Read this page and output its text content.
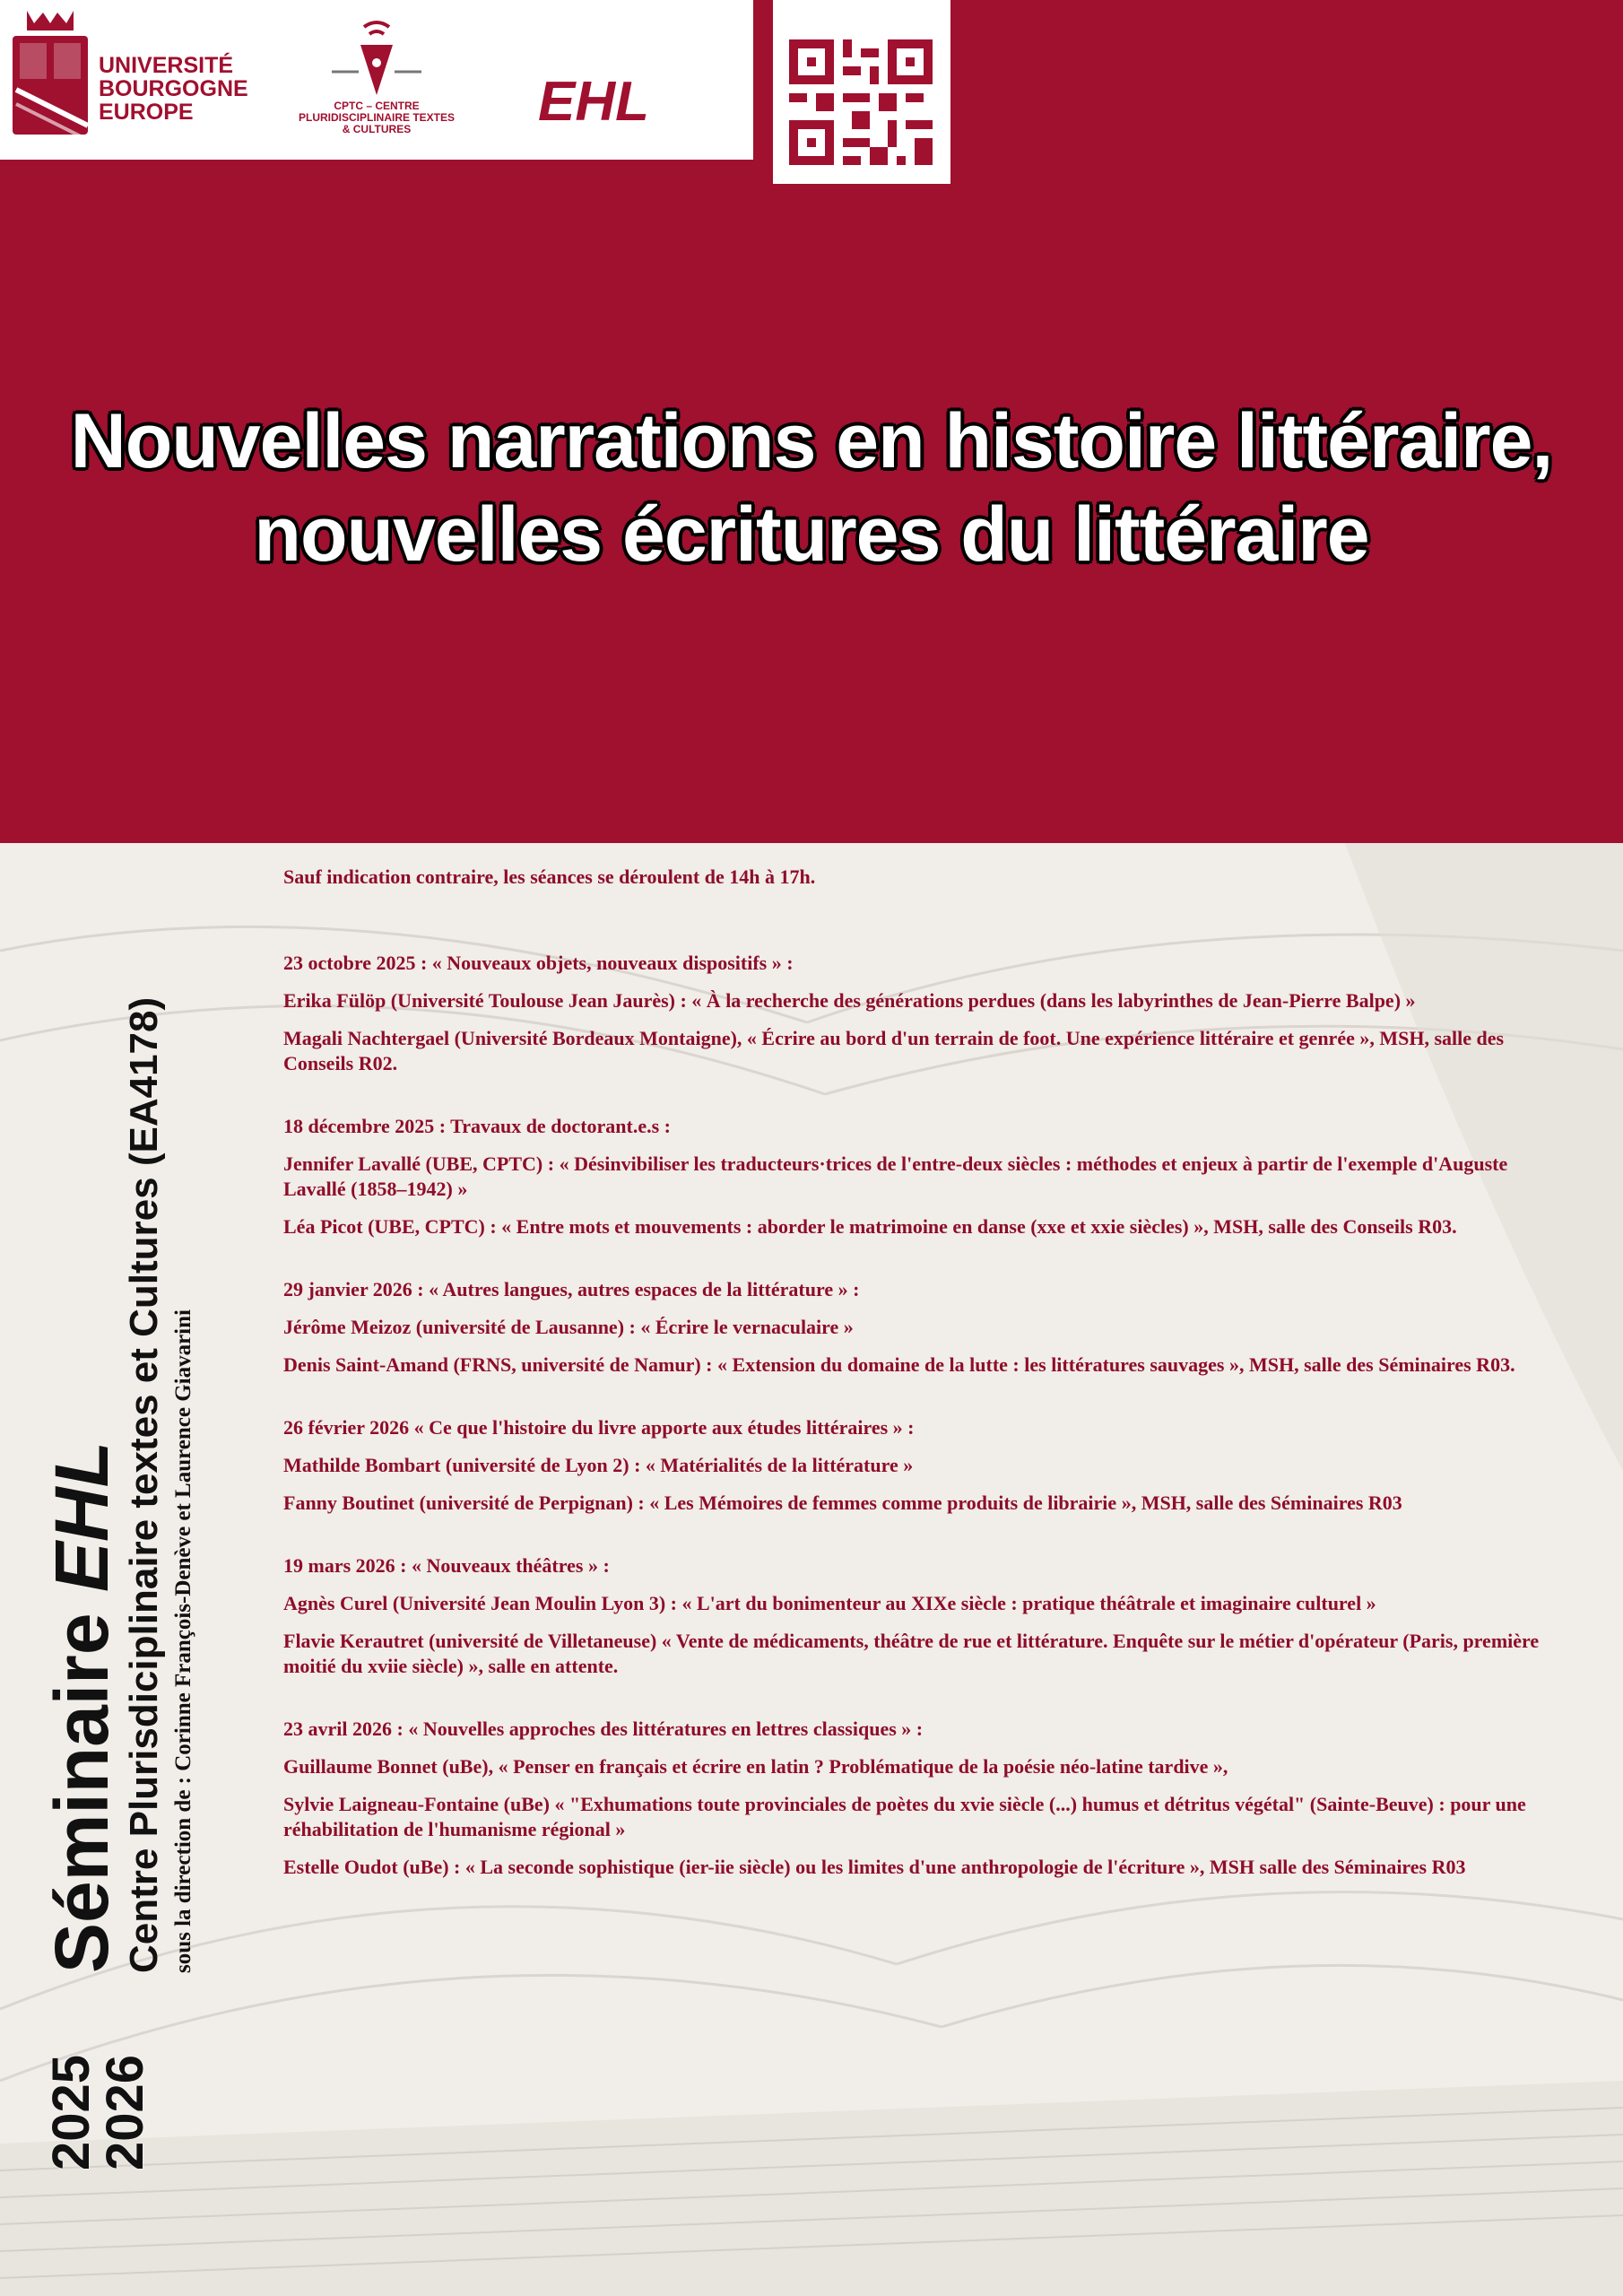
UNIVERSITÉ BOURGOGNE EUROPE	CPTC – CENTRE PLURIDISCIPLINAIRE TEXTES & CULTURES	EHL
Nouvelles narrations en histoire littéraire,
nouvelles écritures du littéraire
2025
2026
Séminaire EHL
Centre Plurisdiciplinaire textes et Cultures (EA4178) sous la direction de : Corinne François-Denève et Laurence Giavarini

Sauf indication contraire, les séances se déroulent de 14h à 17h.

23 octobre 2025 : « Nouveaux objets, nouveaux dispositifs » :

Erika Fülöp (Université Toulouse Jean Jaurès) : « À la recherche des générations perdues (dans les labyrinthes de Jean-Pierre Balpe) »

Magali Nachtergael (Université Bordeaux Montaigne), « Écrire au bord d'un terrain de foot. Une expérience littéraire et genrée », MSH, salle des Conseils R02.

18 décembre 2025 : Travaux de doctorant.e.s :

Jennifer Lavallé (UBE, CPTC) : « Désinvibiliser les traducteurs·trices de l'entre-deux siècles : méthodes et enjeux à partir de l'exemple d'Auguste Lavallé (1858–1942) »

Léa Picot (UBE, CPTC) : « Entre mots et mouvements : aborder le matrimoine en danse (xxe et xxie siècles) », MSH, salle des Conseils R03.

29 janvier 2026 : « Autres langues, autres espaces de la littérature » :

Jérôme Meizoz (université de Lausanne) : « Écrire le vernaculaire »

Denis Saint-Amand (FRNS, université de Namur) : « Extension du domaine de la lutte : les littératures sauvages », MSH, salle des Séminaires R03.

26 février 2026 « Ce que l'histoire du livre apporte aux études littéraires » :

Mathilde Bombart (université de Lyon 2) : « Matérialités de la littérature »

Fanny Boutinet (université de Perpignan) : « Les Mémoires de femmes comme produits de librairie », MSH, salle des Séminaires R03

19 mars 2026 : « Nouveaux théâtres » :

Agnès Curel (Université Jean Moulin Lyon 3) : « L'art du bonimenteur au XIXe siècle : pratique théâtrale et imaginaire culturel »

Flavie Kerautret (université de Villetaneuse) « Vente de médicaments, théâtre de rue et littérature. Enquête sur le métier d'opérateur (Paris, première moitié du xviie siècle) », salle en attente.

23 avril 2026 : « Nouvelles approches des littératures en lettres classiques » :

Guillaume Bonnet (uBe), « Penser en français et écrire en latin ? Problématique de la poésie néo-latine tardive »,

Sylvie Laigneau-Fontaine (uBe) « "Exhumations toute provinciales de poètes du xvie siècle (...) humus et détritus végétal" (Sainte-Beuve) : pour une réhabilitation de l'humanisme régional »

Estelle Oudot (uBe) : « La seconde sophistique (ier-iie siècle) ou les limites d'une anthropologie de l'écriture », MSH salle des Séminaires R03
